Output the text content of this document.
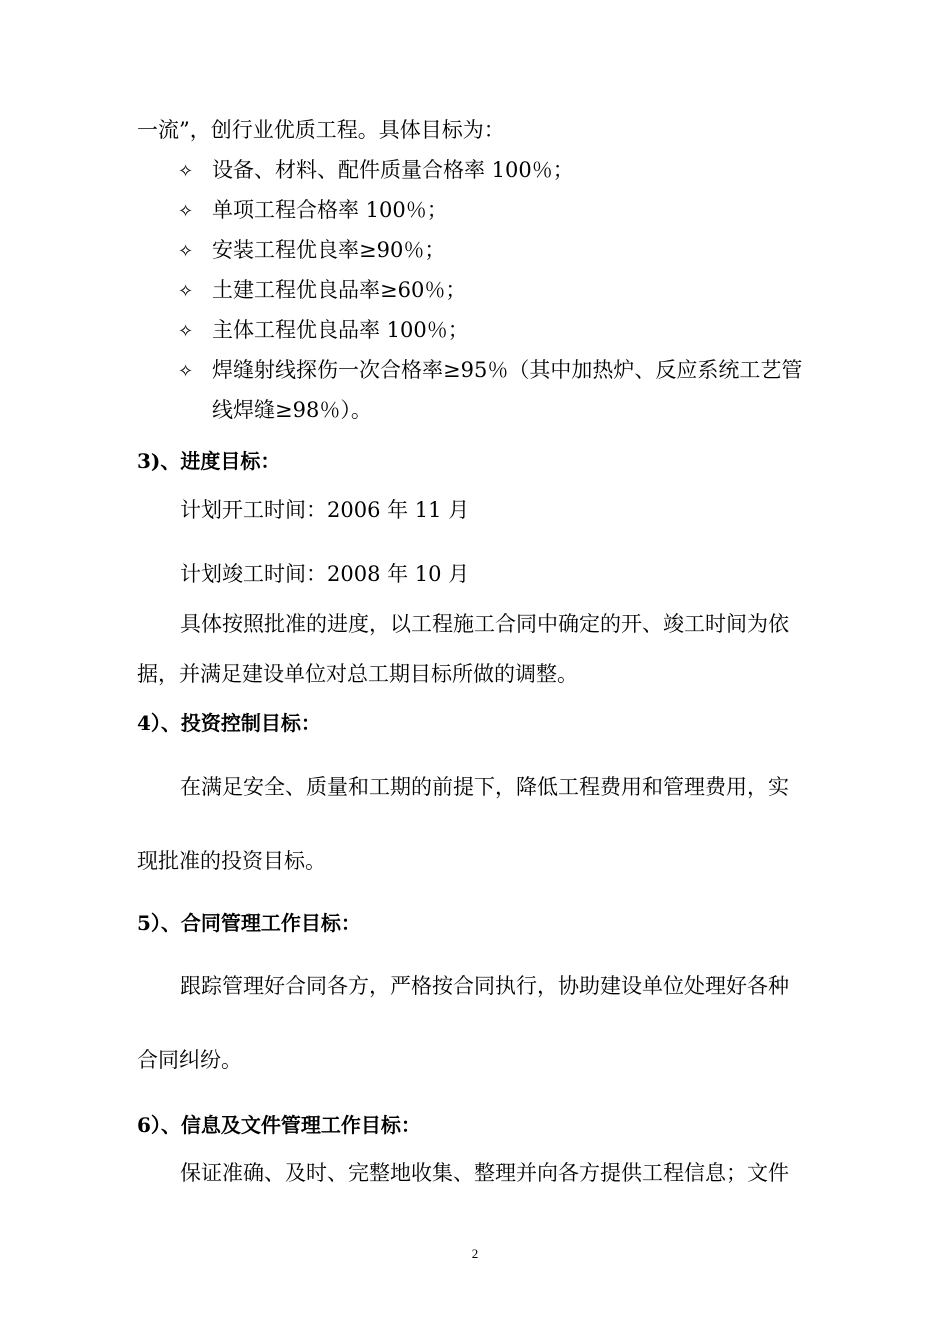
一流”，创行业优质工程。具体目标为：
✧ 设备、材料、配件质量合格率 100％；
✧ 单项工程合格率 100％；
✧ 安装工程优良率≥90％；
✧ 土建工程优良品率≥60％；
✧ 主体工程优良品率 100％；
✧ 焊缝射线探伤一次合格率≥95％（其中加热炉、反应系统工艺管
线焊缝≥98％）。
3)、进度目标：
计划开工时间：2006 年 11 月
计划竣工时间：2008 年 10 月
具体按照批准的进度，以工程施工合同中确定的开、竣工时间为依
据，并满足建设单位对总工期目标所做的调整。
4）、投资控制目标：
在满足安全、质量和工期的前提下，降低工程费用和管理费用，实
现批准的投资目标。
5）、合同管理工作目标：
跟踪管理好合同各方，严格按合同执行，协助建设单位处理好各种
合同纠纷。
6）、信息及文件管理工作目标：
保证准确、及时、完整地收集、整理并向各方提供工程信息；文件
2
